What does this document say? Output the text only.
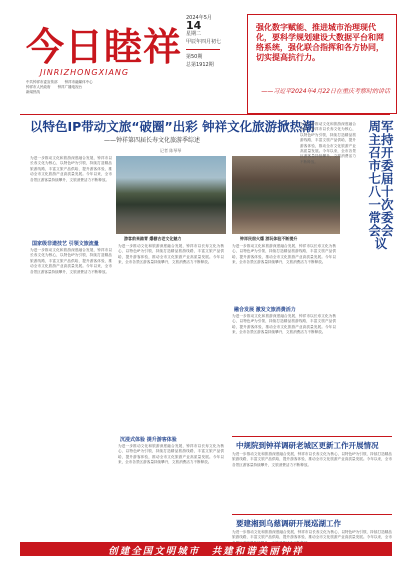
今日睦祥
JINRIZHONGXIANG
中共钟祥市委宣传部 钟祥市融媒体中心
钟祥市人民政府 钟祥广播电视台
新闻热线
2024年5月
14
星期二
甲辰年四月初七
第50期
总第1912期
强化数字赋能、推进城市治理现代化，要科学规划建设大数据平台和网络系统，强化联合指挥和各方协同，切实提高抗行力。
——习近平2024年4月22日在重庆考察时的讲话
以特色IP带动文旅“破圈”出彩 钟祥文化旅游掀热潮
——钟祥第四届长寿文化旅游季综述
记者 陈琴琴
为进一步推动文化和旅游深度融合发展，钟祥市以长寿文化为核心，以特色IP为引领，持续打造精品旅游线路，丰富文旅产品供给，提升游客体验，推动全市文化旅游产业高质量发展。今年以来，全市各景区游客量持续攀升，文旅消费活力不断释放。
国家级非遗技艺 引领文旅流量
为进一步推动文化和旅游深度融合发展，钟祥市以长寿文化为核心，以特色IP为引领，持续打造精品旅游线路，丰富文旅产品供给，提升游客体验，推动全市文化旅游产业高质量发展。今年以来，全市各景区游客量持续攀升，文旅消费活力不断释放。
游客前来踏青 爆棚古老文化魅力	钟祥民宿火爆 游玩体验不断提升
为进一步推动文化和旅游深度融合发展，钟祥市以长寿文化为核心，以特色IP为引领，持续打造精品旅游线路，丰富文旅产品供给，提升游客体验，推动全市文化旅游产业高质量发展。今年以来，全市各景区游客量持续攀升，文旅消费活力不断释放。
沉浸式体验 提升游客体验
为进一步推动文化和旅游深度融合发展，钟祥市以长寿文化为核心，以特色IP为引领，持续打造精品旅游线路，丰富文旅产品供给，提升游客体验，推动全市文化旅游产业高质量发展。今年以来，全市各景区游客量持续攀升，文旅消费活力不断释放。
为进一步推动文化和旅游深度融合发展，钟祥市以长寿文化为核心，以特色IP为引领，持续打造精品旅游线路，丰富文旅产品供给，提升游客体验，推动全市文化旅游产业高质量发展。今年以来，全市各景区游客量持续攀升，文旅消费活力不断释放。
融合发展 激发文旅消费活力
为进一步推动文化和旅游深度融合发展，钟祥市以长寿文化为核心，以特色IP为引领，持续打造精品旅游线路，丰富文旅产品供给，提升游客体验，推动全市文化旅游产业高质量发展。今年以来，全市各景区游客量持续攀升，文旅消费活力不断释放。
为进一步推动文化和旅游深度融合发展，钟祥市以长寿文化为核心，以特色IP为引领，持续打造精品旅游线路，丰富文旅产品供给，提升游客体验，推动全市文化旅游产业高质量发展。今年以来，全市各景区游客量持续攀升，文旅消费活力不断释放。
周军主持召开市委七届八十一次常委会会议
中规院到钟祥调研老城区更新工作开展情况
为进一步推动文化和旅游深度融合发展，钟祥市以长寿文化为核心，以特色IP为引领，持续打造精品旅游线路，丰富文旅产品供给，提升游客体验，推动全市文化旅游产业高质量发展。今年以来，全市各景区游客量持续攀升，文旅消费活力不断释放。
要建湘到乌慈调研开展巡湖工作
为进一步推动文化和旅游深度融合发展，钟祥市以长寿文化为核心，以特色IP为引领，持续打造精品旅游线路，丰富文旅产品供给，提升游客体验，推动全市文化旅游产业高质量发展。今年以来，全市
创建全国文明城市　共建和谐美丽钟祥
